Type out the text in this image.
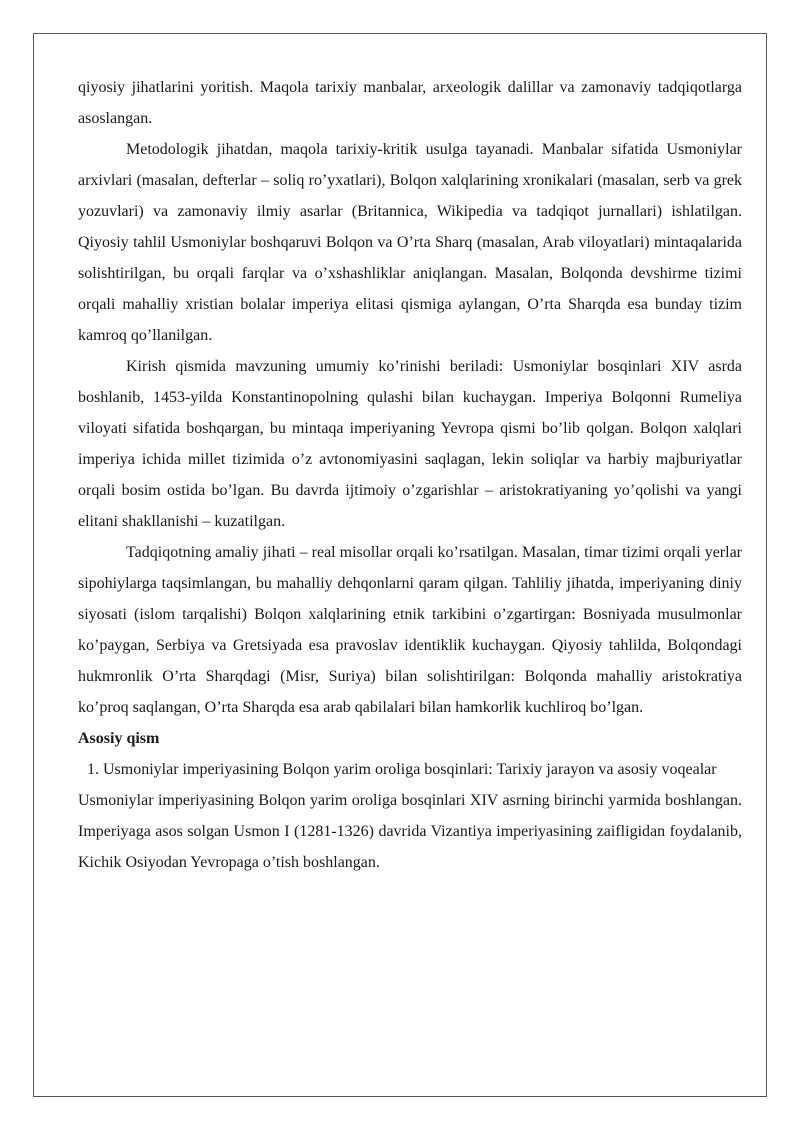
qiyosiy jihatlarini yoritish. Maqola tarixiy manbalar, arxeologik dalillar va zamonaviy tadqiqotlarga asoslangan.

Metodologik jihatdan, maqola tarixiy-kritik usulga tayanadi. Manbalar sifatida Usmoniylar arxivlari (masalan, defterlar – soliq ro’yxatlari), Bolqon xalqlarining xronikalari (masalan, serb va grek yozuvlari) va zamonaviy ilmiy asarlar (Britannica, Wikipedia va tadqiqot jurnallari) ishlatilgan. Qiyosiy tahlil Usmoniylar boshqaruvi Bolqon va O’rta Sharq (masalan, Arab viloyatlari) mintaqalarida solishtirilgan, bu orqali farqlar va o’xshashliklar aniqlangan. Masalan, Bolqonda devshirme tizimi orqali mahalliy xristian bolalar imperiya elitasi qismiga aylangan, O’rta Sharqda esa bunday tizim kamroq qo’llanilgan.

Kirish qismida mavzuning umumiy ko’rinishi beriladi: Usmoniylar bosqinlari XIV asrda boshlanib, 1453-yilda Konstantinopolning qulashi bilan kuchaygan. Imperiya Bolqonni Rumeliya viloyati sifatida boshqargan, bu mintaqa imperiyaning Yevropa qismi bo’lib qolgan. Bolqon xalqlari imperiya ichida millet tizimida o’z avtonomiyasini saqlagan, lekin soliqlar va harbiy majburiyatlar orqali bosim ostida bo’lgan. Bu davrda ijtimoiy o’zgarishlar – aristokratiyaning yo’qolishi va yangi elitani shakllanishi – kuzatilgan.

Tadqiqotning amaliy jihati – real misollar orqali ko’rsatilgan. Masalan, timar tizimi orqali yerlar sipohiylarga taqsimlangan, bu mahalliy dehqonlarni qaram qilgan. Tahliliy jihatda, imperiyaning diniy siyosati (islom tarqalishi) Bolqon xalqlarining etnik tarkibini o’zgartirgan: Bosniyada musulmonlar ko’paygan, Serbiya va Gretsiyada esa pravoslav identiklik kuchaygan. Qiyosiy tahlilda, Bolqondagi hukmronlik O’rta Sharqdagi (Misr, Suriya) bilan solishtirilgan: Bolqonda mahalliy aristokratiya ko’proq saqlangan, O’rta Sharqda esa arab qabilalari bilan hamkorlik kuchliroq bo’lgan.

Asosiy qism

1. Usmoniylar imperiyasining Bolqon yarim oroliga bosqinlari: Tarixiy jarayon va asosiy voqealar

Usmoniylar imperiyasining Bolqon yarim oroliga bosqinlari XIV asrning birinchi yarmida boshlangan. Imperiyaga asos solgan Usmon I (1281-1326) davrida Vizantiya imperiyasining zaifligidan foydalanib, Kichik Osiyodan Yevropaga o’tish boshlangan.
